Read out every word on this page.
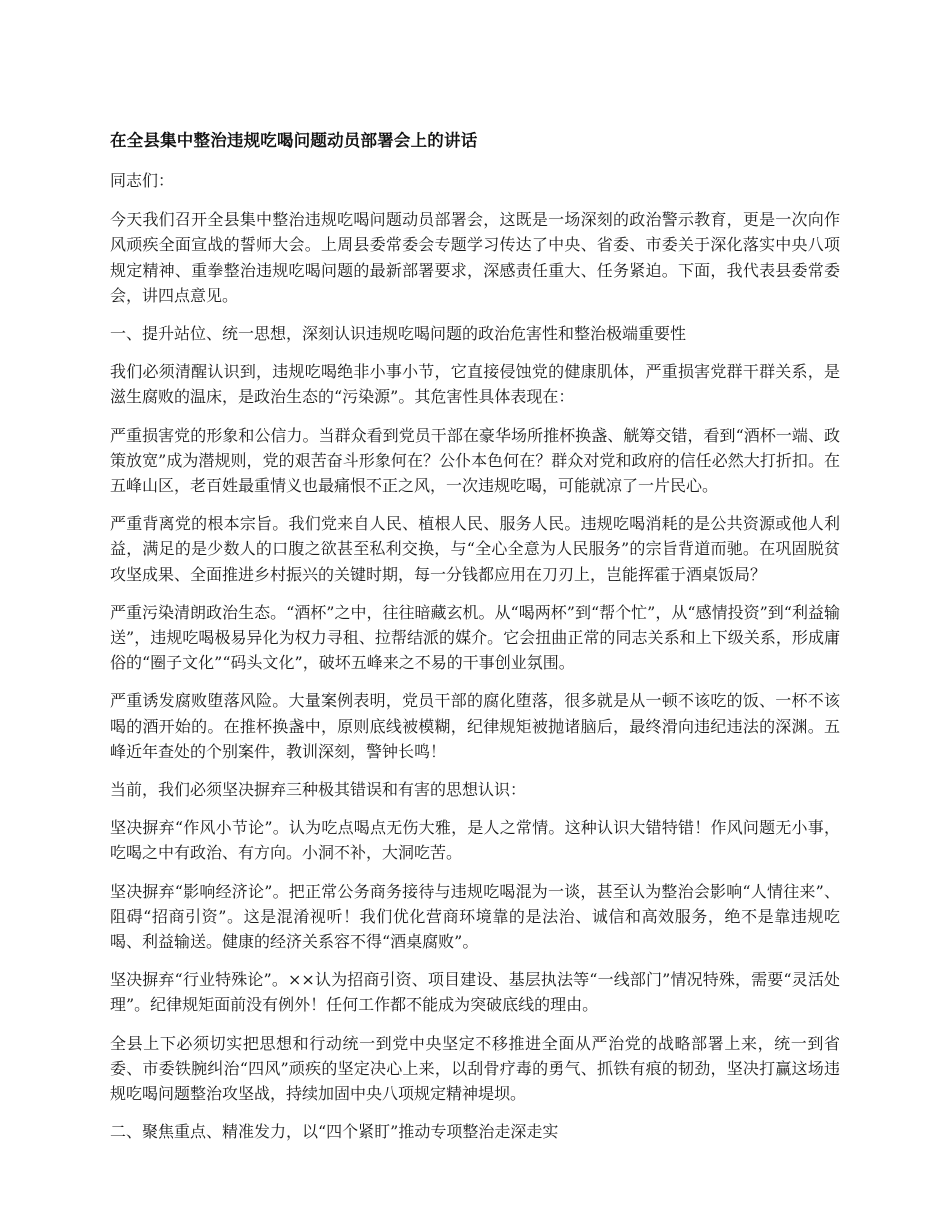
在全县集中整治违规吃喝问题动员部署会上的讲话

同志们：

今天我们召开全县集中整治违规吃喝问题动员部署会，这既是一场深刻的政治警示教育，更是一次向作风顽疾全面宣战的誓师大会。上周县委常委会专题学习传达了中央、省委、市委关于深化落实中央八项规定精神、重拳整治违规吃喝问题的最新部署要求，深感责任重大、任务紧迫。下面，我代表县委常委会，讲四点意见。

一、提升站位、统一思想，深刻认识违规吃喝问题的政治危害性和整治极端重要性

我们必须清醒认识到，违规吃喝绝非小事小节，它直接侵蚀党的健康肌体，严重损害党群干群关系，是滋生腐败的温床，是政治生态的“污染源”。其危害性具体表现在：

严重损害党的形象和公信力。当群众看到党员干部在豪华场所推杯换盏、觥筹交错，看到“酒杯一端、政策放宽”成为潜规则，党的艰苦奋斗形象何在？公仆本色何在？群众对党和政府的信任必然大打折扣。在五峰山区，老百姓最重情义也最痛恨不正之风，一次违规吃喝，可能就凉了一片民心。

严重背离党的根本宗旨。我们党来自人民、植根人民、服务人民。违规吃喝消耗的是公共资源或他人利益，满足的是少数人的口腹之欲甚至私利交换，与“全心全意为人民服务”的宗旨背道而驰。在巩固脱贫攻坚成果、全面推进乡村振兴的关键时期，每一分钱都应用在刀刃上，岂能挥霍于酒桌饭局？

严重污染清朗政治生态。“酒杯”之中，往往暗藏玄机。从“喝两杯”到“帮个忙”，从“感情投资”到“利益输送”，违规吃喝极易异化为权力寻租、拉帮结派的媒介。它会扭曲正常的同志关系和上下级关系，形成庸俗的“圈子文化”“码头文化”，破坏五峰来之不易的干事创业氛围。

严重诱发腐败堕落风险。大量案例表明，党员干部的腐化堕落，很多就是从一顿不该吃的饭、一杯不该喝的酒开始的。在推杯换盏中，原则底线被模糊，纪律规矩被抛诸脑后，最终滑向违纪违法的深渊。五峰近年查处的个别案件，教训深刻，警钟长鸣！

当前，我们必须坚决摒弃三种极其错误和有害的思想认识：

坚决摒弃“作风小节论”。认为吃点喝点无伤大雅，是人之常情。这种认识大错特错！作风问题无小事，吃喝之中有政治、有方向。小洞不补，大洞吃苦。

坚决摒弃“影响经济论”。把正常公务商务接待与违规吃喝混为一谈，甚至认为整治会影响“人情往来”、阻碍“招商引资”。这是混淆视听！我们优化营商环境靠的是法治、诚信和高效服务，绝不是靠违规吃喝、利益输送。健康的经济关系容不得“酒桌腐败”。

坚决摒弃“行业特殊论”。××认为招商引资、项目建设、基层执法等“一线部门”情况特殊，需要“灵活处理”。纪律规矩面前没有例外！任何工作都不能成为突破底线的理由。

全县上下必须切实把思想和行动统一到党中央坚定不移推进全面从严治党的战略部署上来，统一到省委、市委铁腕纠治“四风”顽疾的坚定决心上来，以刮骨疗毒的勇气、抓铁有痕的韧劲，坚决打赢这场违规吃喝问题整治攻坚战，持续加固中央八项规定精神堤坝。

二、聚焦重点、精准发力，以“四个紧盯”推动专项整治走深走实
